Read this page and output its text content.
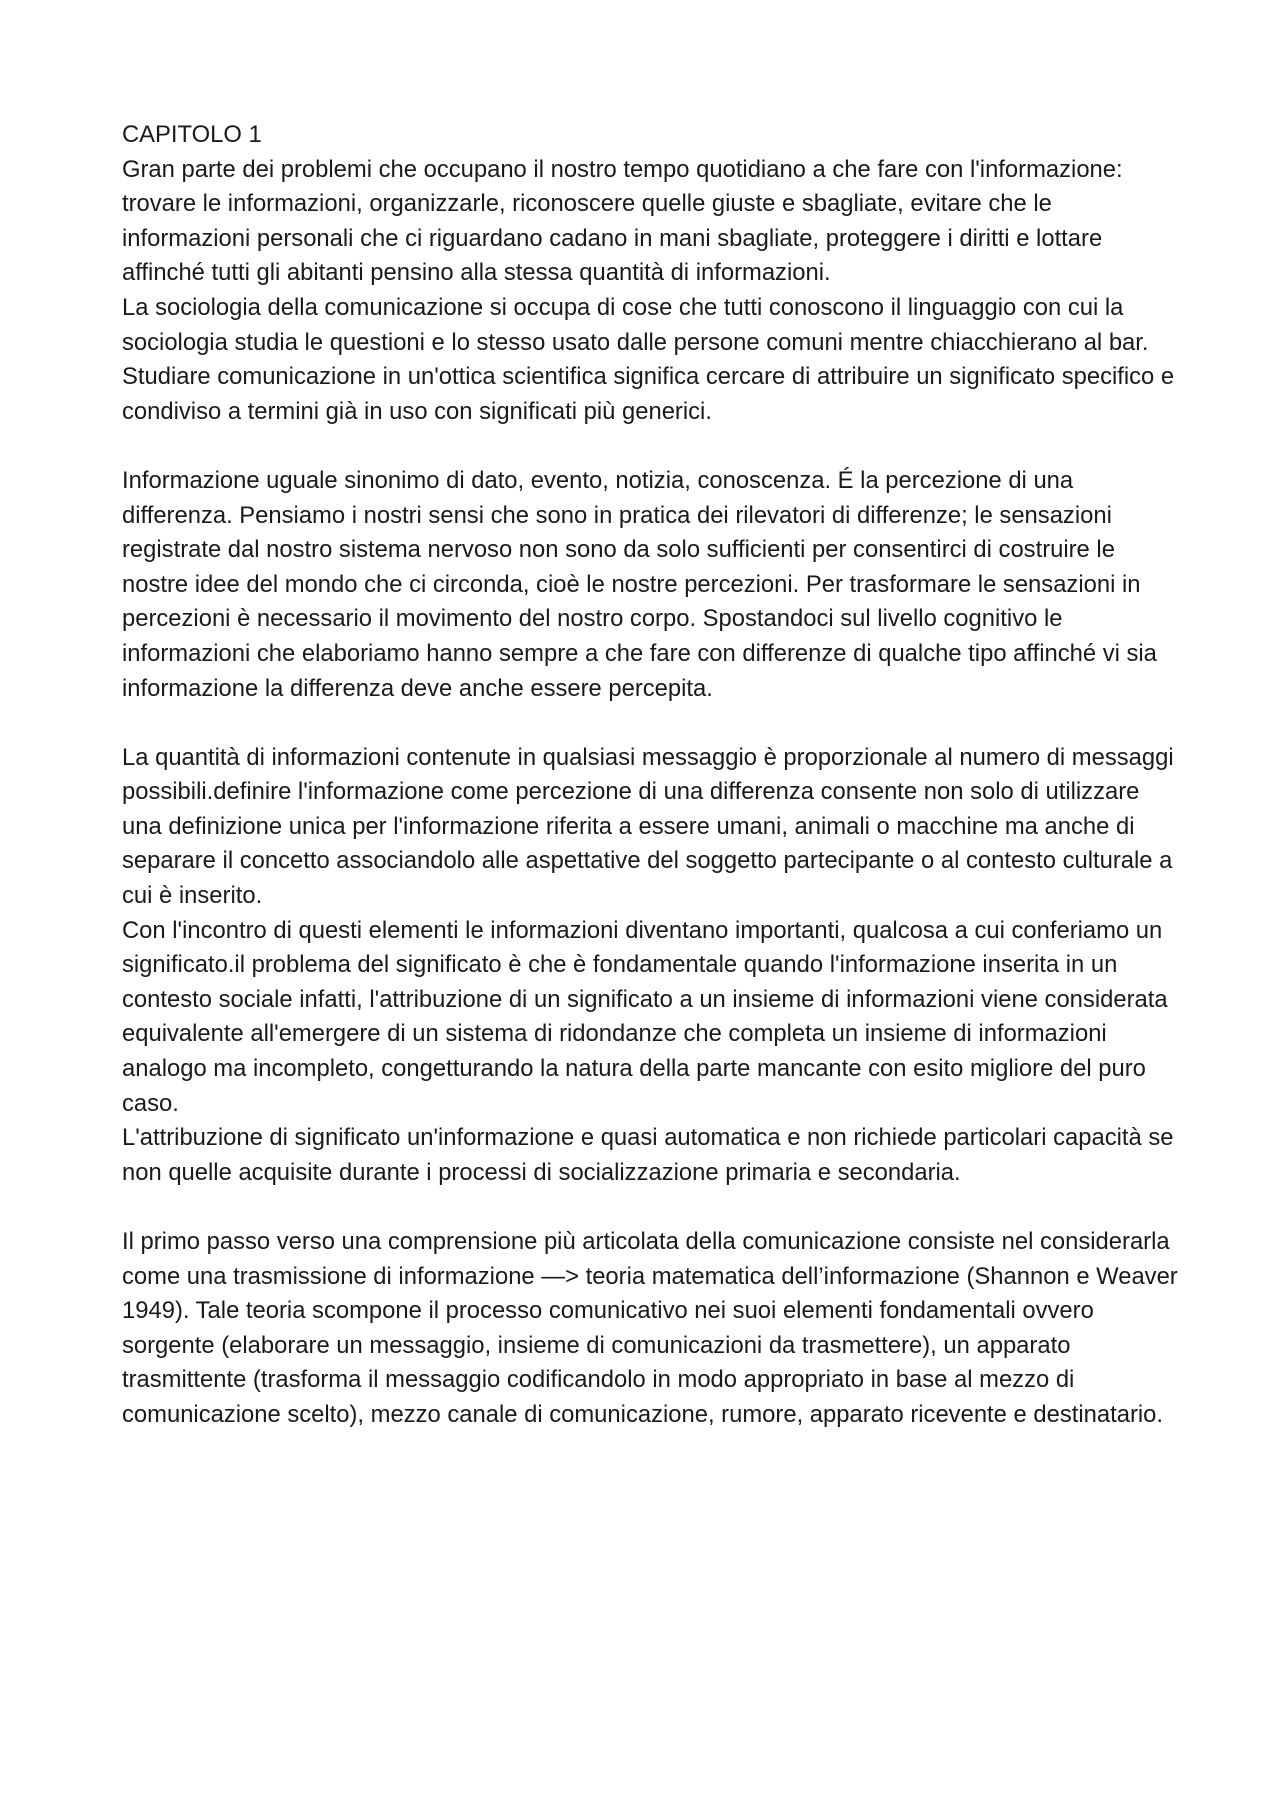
CAPITOLO 1

Gran parte dei problemi che occupano il nostro tempo quotidiano a che fare con l'informazione: trovare le informazioni, organizzarle, riconoscere quelle giuste e sbagliate, evitare che le informazioni personali che ci riguardano cadano in mani sbagliate, proteggere i diritti e lottare affinché tutti gli abitanti pensino alla stessa quantità di informazioni.

La sociologia della comunicazione si occupa di cose che tutti conoscono il linguaggio con cui la sociologia studia le questioni e lo stesso usato dalle persone comuni mentre chiacchierano al bar. Studiare comunicazione in un'ottica scientifica significa cercare di attribuire un significato specifico e condiviso a termini già in uso con significati più generici.

Informazione uguale sinonimo di dato, evento, notizia, conoscenza. É la percezione di una differenza. Pensiamo i nostri sensi che sono in pratica dei rilevatori di differenze; le sensazioni registrate dal nostro sistema nervoso non sono da solo sufficienti per consentirci di costruire le nostre idee del mondo che ci circonda, cioè le nostre percezioni. Per trasformare le sensazioni in percezioni è necessario il movimento del nostro corpo. Spostandoci sul livello cognitivo le informazioni che elaboriamo hanno sempre a che fare con differenze di qualche tipo affinché vi sia informazione la differenza deve anche essere percepita.

La quantità di informazioni contenute in qualsiasi messaggio è proporzionale al numero di messaggi possibili.definire l'informazione come percezione di una differenza consente non solo di utilizzare una definizione unica per l'informazione riferita a essere umani, animali o macchine ma anche di separare il concetto associandolo alle aspettative del soggetto partecipante o al contesto culturale a cui è inserito.

Con l'incontro di questi elementi le informazioni diventano importanti, qualcosa a cui conferiamo un significato.il problema del significato è che è fondamentale quando l'informazione inserita in un contesto sociale infatti, l'attribuzione di un significato a un insieme di informazioni viene considerata equivalente all'emergere di un sistema di ridondanze che completa un insieme di informazioni analogo ma incompleto, congetturando la natura della parte mancante con esito migliore del puro caso.

L'attribuzione di significato un'informazione e quasi automatica e non richiede particolari capacità se non quelle acquisite durante i processi di socializzazione primaria e secondaria.

Il primo passo verso una comprensione più articolata della comunicazione consiste nel considerarla come una trasmissione di informazione —> teoria matematica dell’informazione (Shannon e Weaver 1949). Tale teoria scompone il processo comunicativo nei suoi elementi fondamentali ovvero sorgente (elaborare un messaggio, insieme di comunicazioni da trasmettere), un apparato trasmittente (trasforma il messaggio codificandolo in modo appropriato in base al mezzo di comunicazione scelto), mezzo canale di comunicazione, rumore, apparato ricevente e destinatario.
